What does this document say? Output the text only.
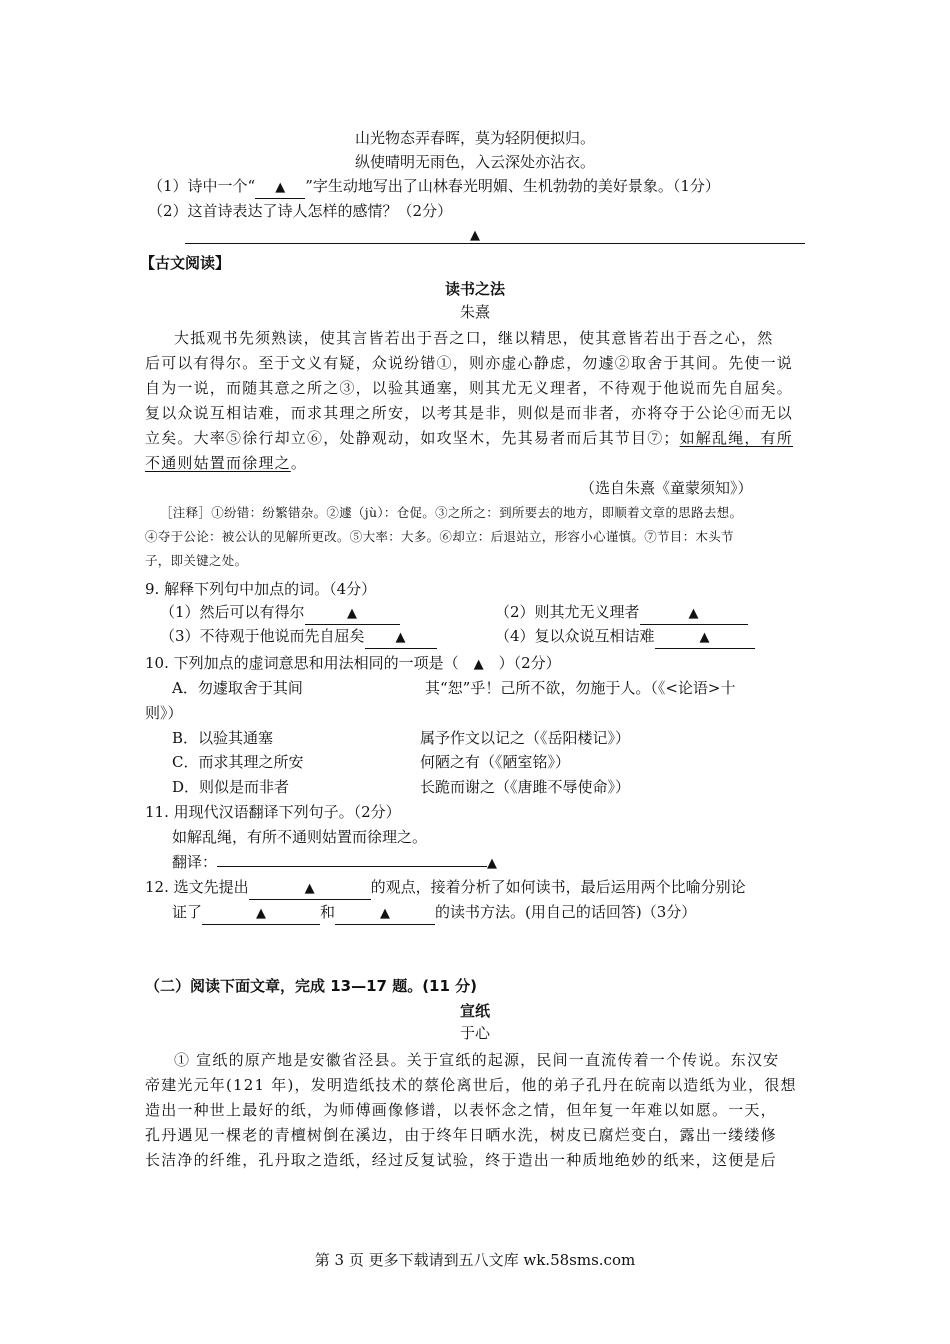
山光物态弄春晖，莫为轻阴便拟归。
纵使晴明无雨色，入云深处亦沾衣。
（1）诗中一个“ ▲ ”字生动地写出了山林春光明媚、生机勃勃的美好景象。（1分）
（2）这首诗表达了诗人怎样的感情？（2分）
▲
【古文阅读】
读书之法
朱熹
大抵观书先须熟读，使其言皆若出于吾之口，继以精思，使其意皆若出于吾之心，然
后可以有得尔。至于文义有疑，众说纷错①，则亦虚心静虑，勿遽②取舍于其间。先使一说
自为一说，而随其意之所之③，以验其通塞，则其尤无义理者，不待观于他说而先自屈矣。
复以众说互相诘难，而求其理之所安，以考其是非，则似是而非者，亦将夺于公论④而无以
立矣。大率⑤徐行却立⑥，处静观动，如攻坚木，先其易者而后其节目⑦；如解乱绳，有所
不通则姑置而徐理之。
（选自朱熹《童蒙须知》）
［注释］①纷错：纷繁错杂。②遽（jù）：仓促。③之所之：到所要去的地方，即顺着文章的思路去想。
④夺于公论：被公认的见解所更改。⑤大率：大多。⑥却立：后退站立，形容小心谨慎。⑦节目：木头节
子，即关键之处。
9. 解释下列句中加点的词。（4分）
（1）然后可以有得尔	▲	（2）则其尤无义理者	▲
（3）不待观于他说而先自屈矣 ▲	（4）复以众说互相诘难	▲
10. 下列加点的虚词意思和用法相同的一项是（ ▲ ）（2分）
A．勿遽取舍于其间	其“恕”乎！己所不欲，勿施于人。（《<论语>十
则》）
B．以验其通塞	属予作文以记之（《岳阳楼记》）
C．而求其理之所安	何陋之有（《陋室铭》）
D．则似是而非者	长跪而谢之（《唐雎不辱使命》）
11. 用现代汉语翻译下列句子。（2分）
如解乱绳，有所不通则姑置而徐理之。
翻译：	▲
12. 选文先提出	▲	的观点，接着分析了如何读书，最后运用两个比喻分别论
证了	▲	和	▲	的读书方法。(用自己的话回答)（3分）
（二）阅读下面文章，完成 13—17 题。(11 分)
宣纸
于心
① 宣纸的原产地是安徽省泾县。关于宣纸的起源，民间一直流传着一个传说。东汉安
帝建光元年(121 年)，发明造纸技术的蔡伦离世后，他的弟子孔丹在皖南以造纸为业，很想
造出一种世上最好的纸，为师傅画像修谱，以表怀念之情，但年复一年难以如愿。一天，
孔丹遇见一棵老的青檀树倒在溪边，由于终年日晒水洗，树皮已腐烂变白，露出一缕缕修
长洁净的纤维，孔丹取之造纸，经过反复试验，终于造出一种质地绝妙的纸来，这便是后
第 3 页 更多下载请到五八文库 wk.58sms.com
